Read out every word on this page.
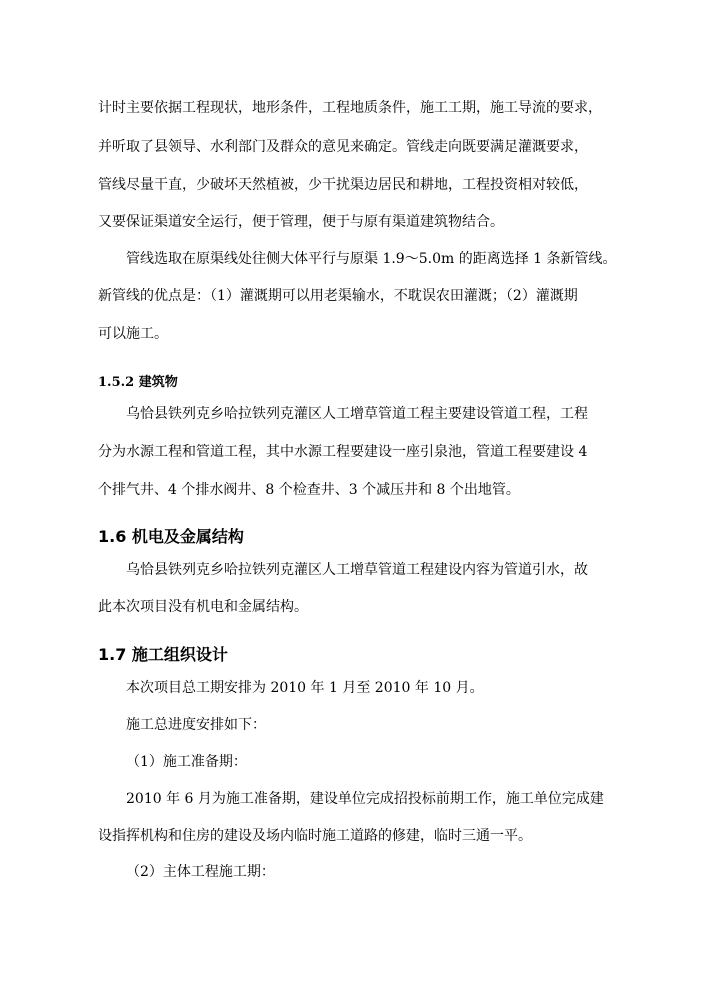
计时主要依据工程现状，地形条件，工程地质条件，施工工期，施工导流的要求，
并听取了县领导、水利部门及群众的意见来确定。管线走向既要满足灌溉要求，
管线尽量干直，少破坏天然植被，少干扰渠边居民和耕地，工程投资相对较低，
又要保证渠道安全运行，便于管理，便于与原有渠道建筑物结合。
管线选取在原渠线处往侧大体平行与原渠 1.9～5.0m 的距离选择 1 条新管线。
新管线的优点是：（1）灌溉期可以用老渠输水，不耽误农田灌溉；（2）灌溉期
可以施工。
1.5.2 建筑物
乌恰县铁列克乡哈拉铁列克灌区人工增草管道工程主要建设管道工程，工程
分为水源工程和管道工程，其中水源工程要建设一座引泉池，管道工程要建设 4
个排气井、4 个排水阀井、8 个检查井、3 个减压井和 8 个出地管。
1.6 机电及金属结构
乌恰县铁列克乡哈拉铁列克灌区人工增草管道工程建设内容为管道引水，故
此本次项目没有机电和金属结构。
1.7 施工组织设计
本次项目总工期安排为 2010 年 1 月至 2010 年 10 月。
施工总进度安排如下：
（1）施工准备期：
2010 年 6 月为施工准备期，建设单位完成招投标前期工作，施工单位完成建
设指挥机构和住房的建设及场内临时施工道路的修建，临时三通一平。
（2）主体工程施工期：
